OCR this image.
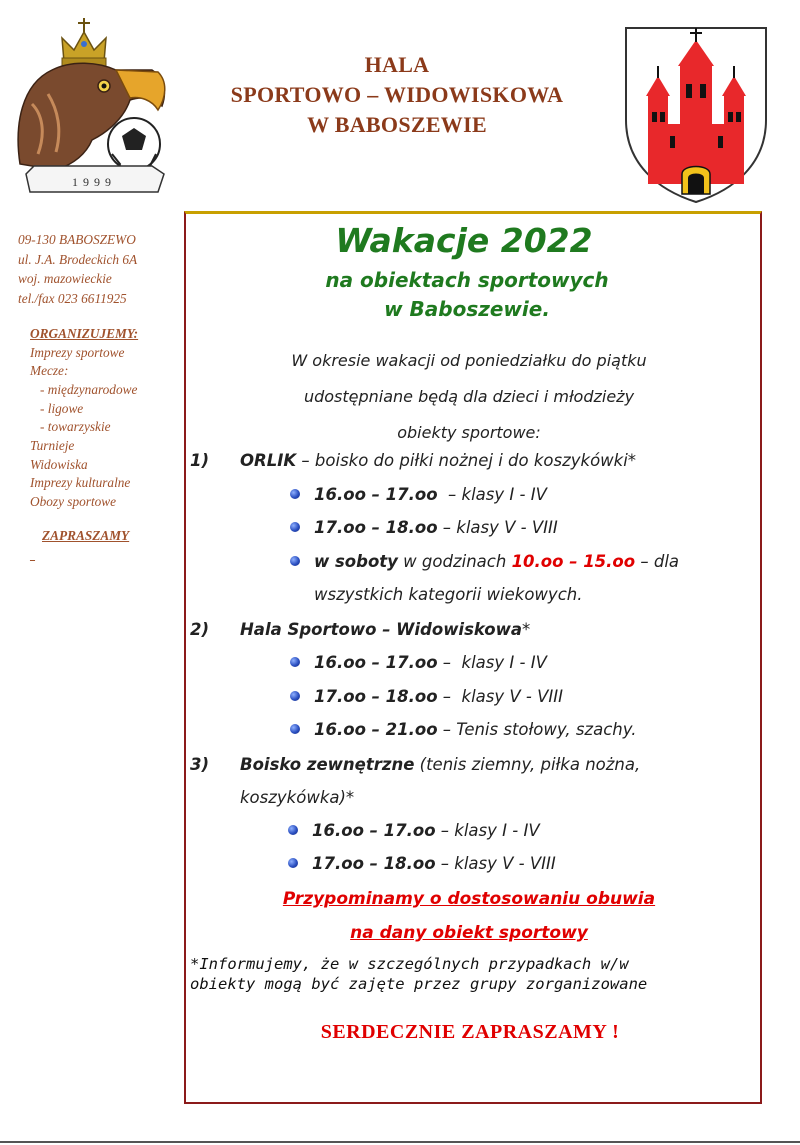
1999
HALA
SPORTOWO – WIDOWISKOWA
W BABOSZEWIE
09-130 BABOSZEWO
ul. J.A. Brodeckich 6A
woj. mazowieckie
tel./fax 023 6611925
ORGANIZUJEMY:
Imprezy sportowe
Mecze:
- międzynarodowe
- ligowe
- towarzyskie
Turnieje
Widowiska
Imprezy kulturalne
Obozy sportowe
ZAPRASZAMY
_
Wakacje 2022
na obiektach sportowych
w Baboszewie.
W okresie wakacji od poniedziałku do piątku
udostępniane będą dla dzieci i młodzieży
obiekty sportowe:
1) ORLIK – boisko do piłki nożnej i do koszykówki*
16.oo – 17.oo  – klasy I - IV
17.oo – 18.oo – klasy V - VIII
w soboty w godzinach 10.oo – 15.oo – dla
wszystkich kategorii wiekowych.
2) Hala Sportowo – Widowiskowa*
16.oo – 17.oo –  klasy I - IV
17.oo – 18.oo –  klasy V - VIII
16.oo – 21.oo – Tenis stołowy, szachy.
3) Boisko zewnętrzne (tenis ziemny, piłka nożna,
koszykówka)*
16.oo – 17.oo – klasy I - IV
17.oo – 18.oo – klasy V - VIII
Przypominamy o dostosowaniu obuwia
na dany obiekt sportowy
*Informujemy, że w szczególnych przypadkach w/w
obiekty mogą być zajęte przez grupy zorganizowane
SERDECZNIE ZAPRASZAMY !
